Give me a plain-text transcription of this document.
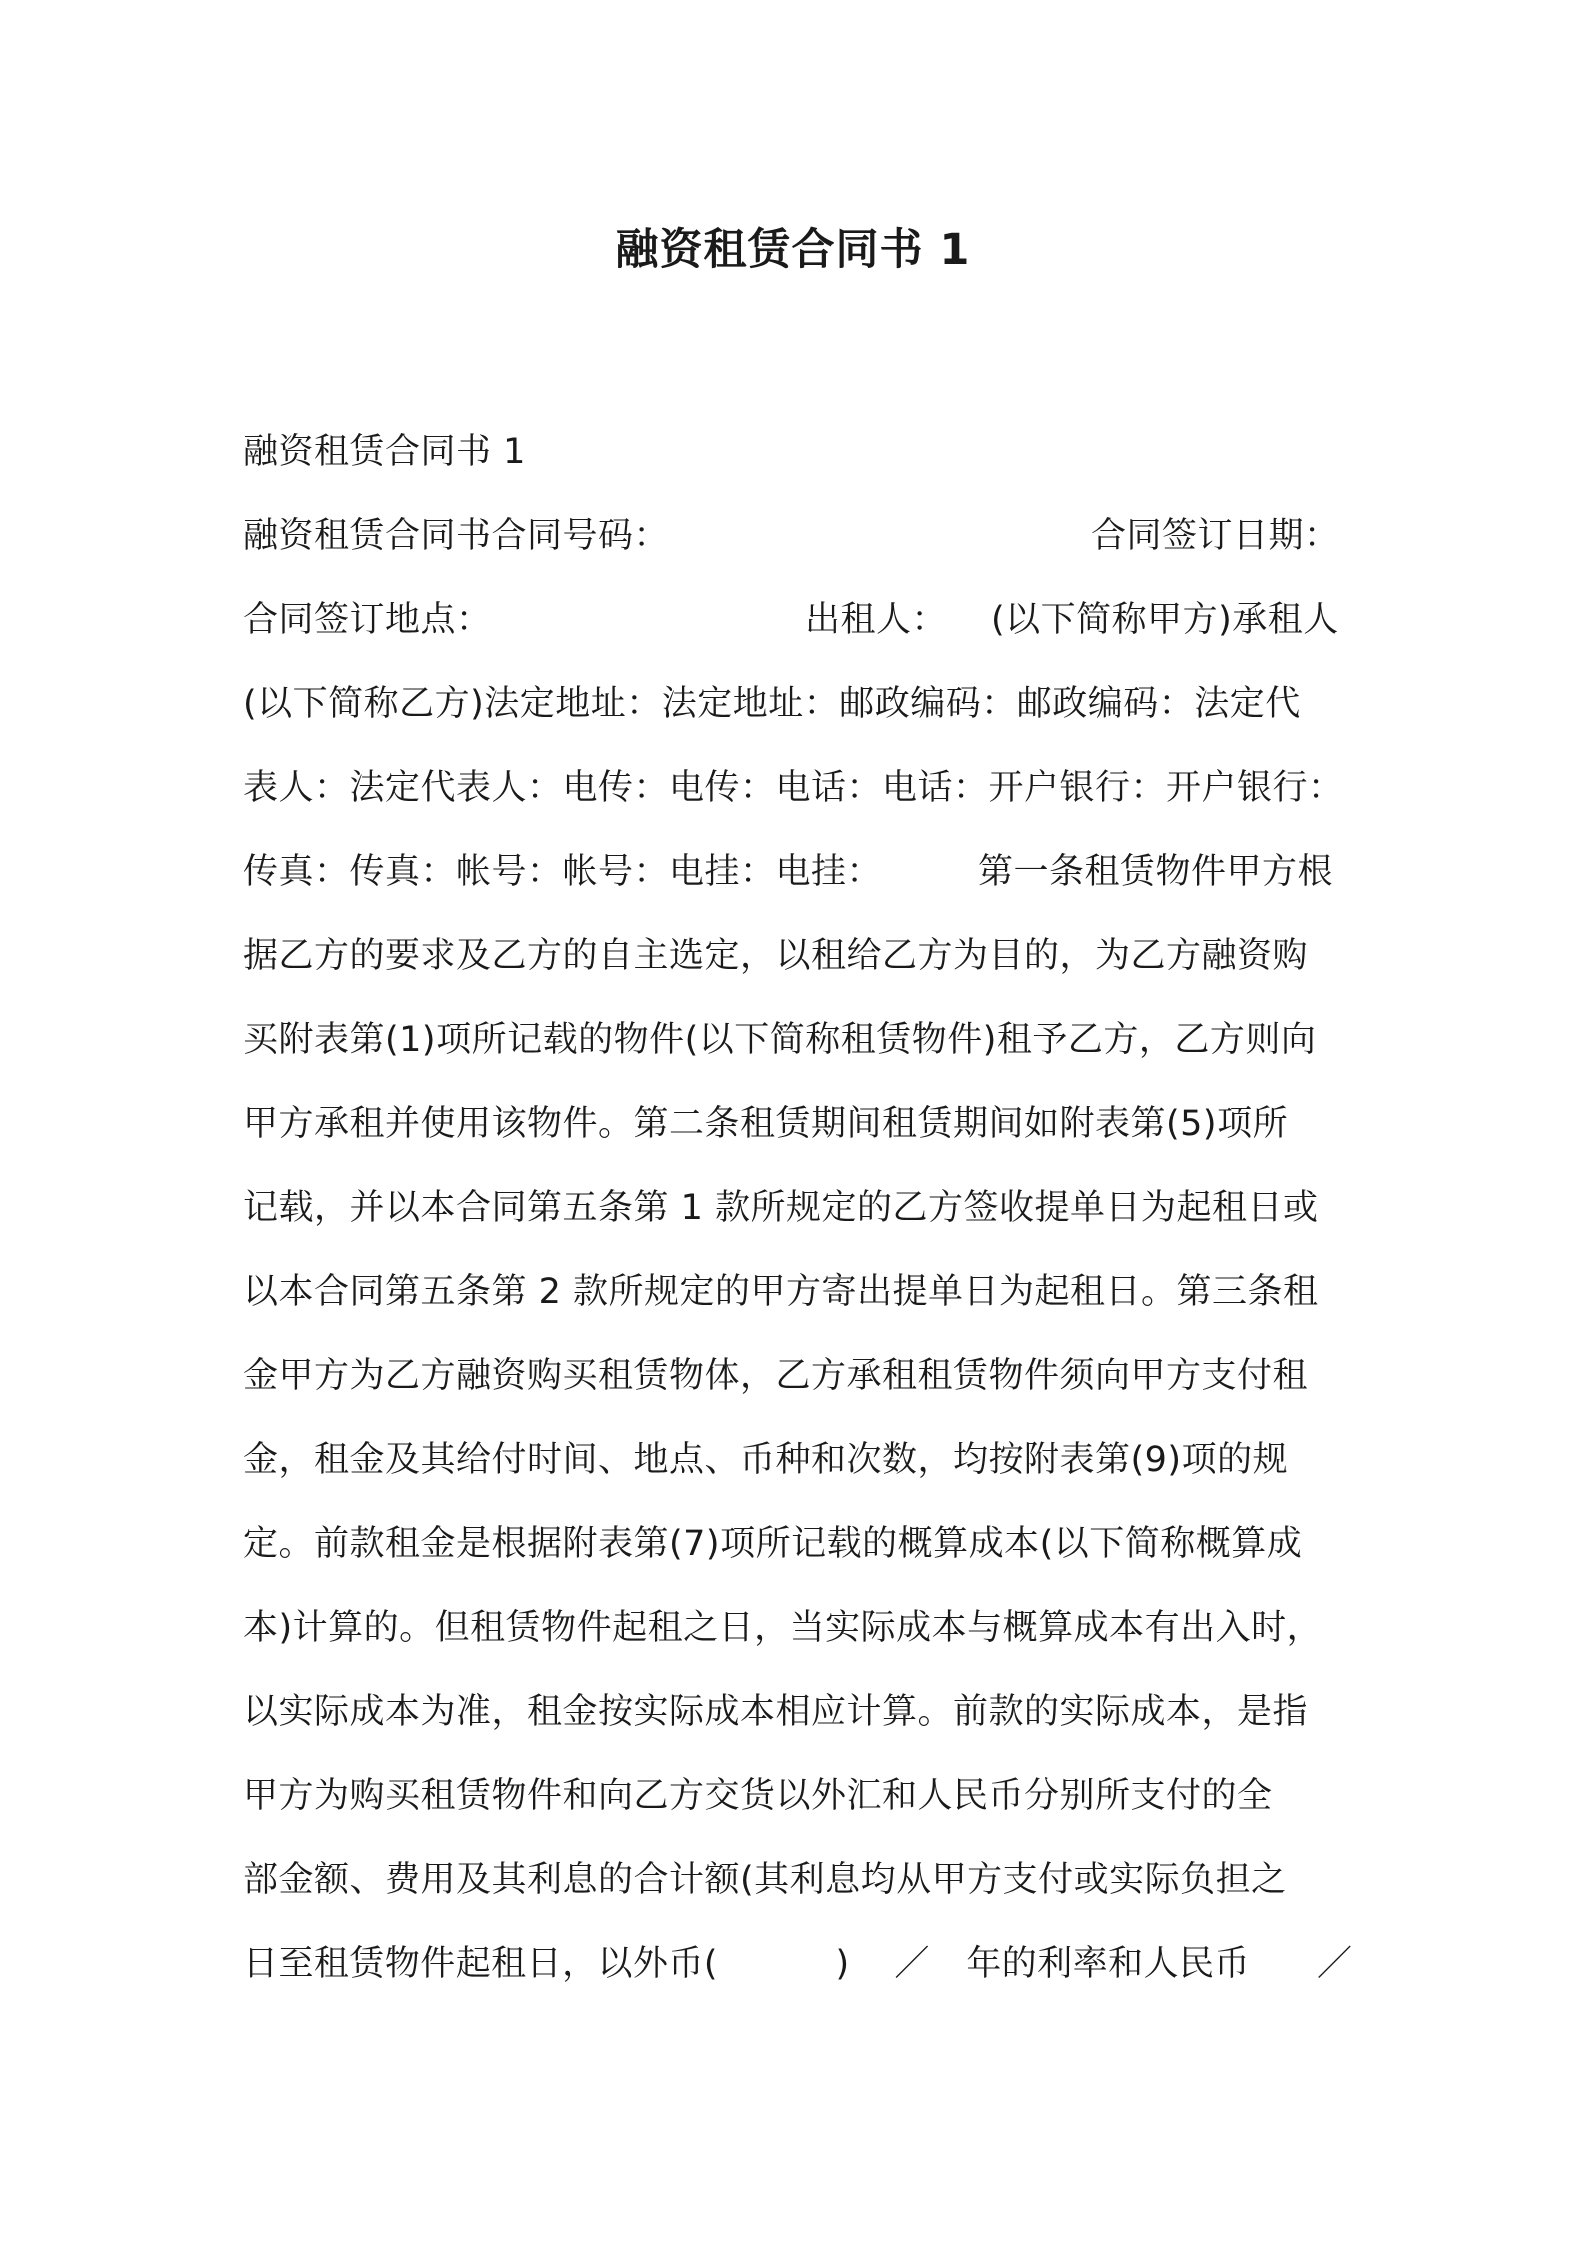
融资租赁合同书 1
融资租赁合同书 1
融资租赁合同书合同号码：	合同签订日期：
合同签订地点：	出租人： (以下简称甲方)承租人
(以下简称乙方)法定地址：法定地址：邮政编码：邮政编码：法定代
表人：法定代表人：电传：电传：电话：电话：开户银行：开户银行：
传真：传真：帐号：帐号：电挂：电挂：	第一条租赁物件甲方根
据乙方的要求及乙方的自主选定，以租给乙方为目的，为乙方融资购
买附表第(1)项所记载的物件(以下简称租赁物件)租予乙方，乙方则向
甲方承租并使用该物件。第二条租赁期间租赁期间如附表第(5)项所
记载，并以本合同第五条第 1 款所规定的乙方签收提单日为起租日或
以本合同第五条第 2 款所规定的甲方寄出提单日为起租日。第三条租
金甲方为乙方融资购买租赁物体，乙方承租租赁物件须向甲方支付租
金，租金及其给付时间、地点、币种和次数，均按附表第(9)项的规
定。前款租金是根据附表第(7)项所记载的概算成本(以下简称概算成
本)计算的。但租赁物件起租之日，当实际成本与概算成本有出入时，
以实际成本为准，租金按实际成本相应计算。前款的实际成本，是指
甲方为购买租赁物件和向乙方交货以外汇和人民币分别所支付的全
部金额、费用及其利息的合计额(其利息均从甲方支付或实际负担之
日至租赁物件起租日，以外币(	) ／ 年的利率和人民币 ／
